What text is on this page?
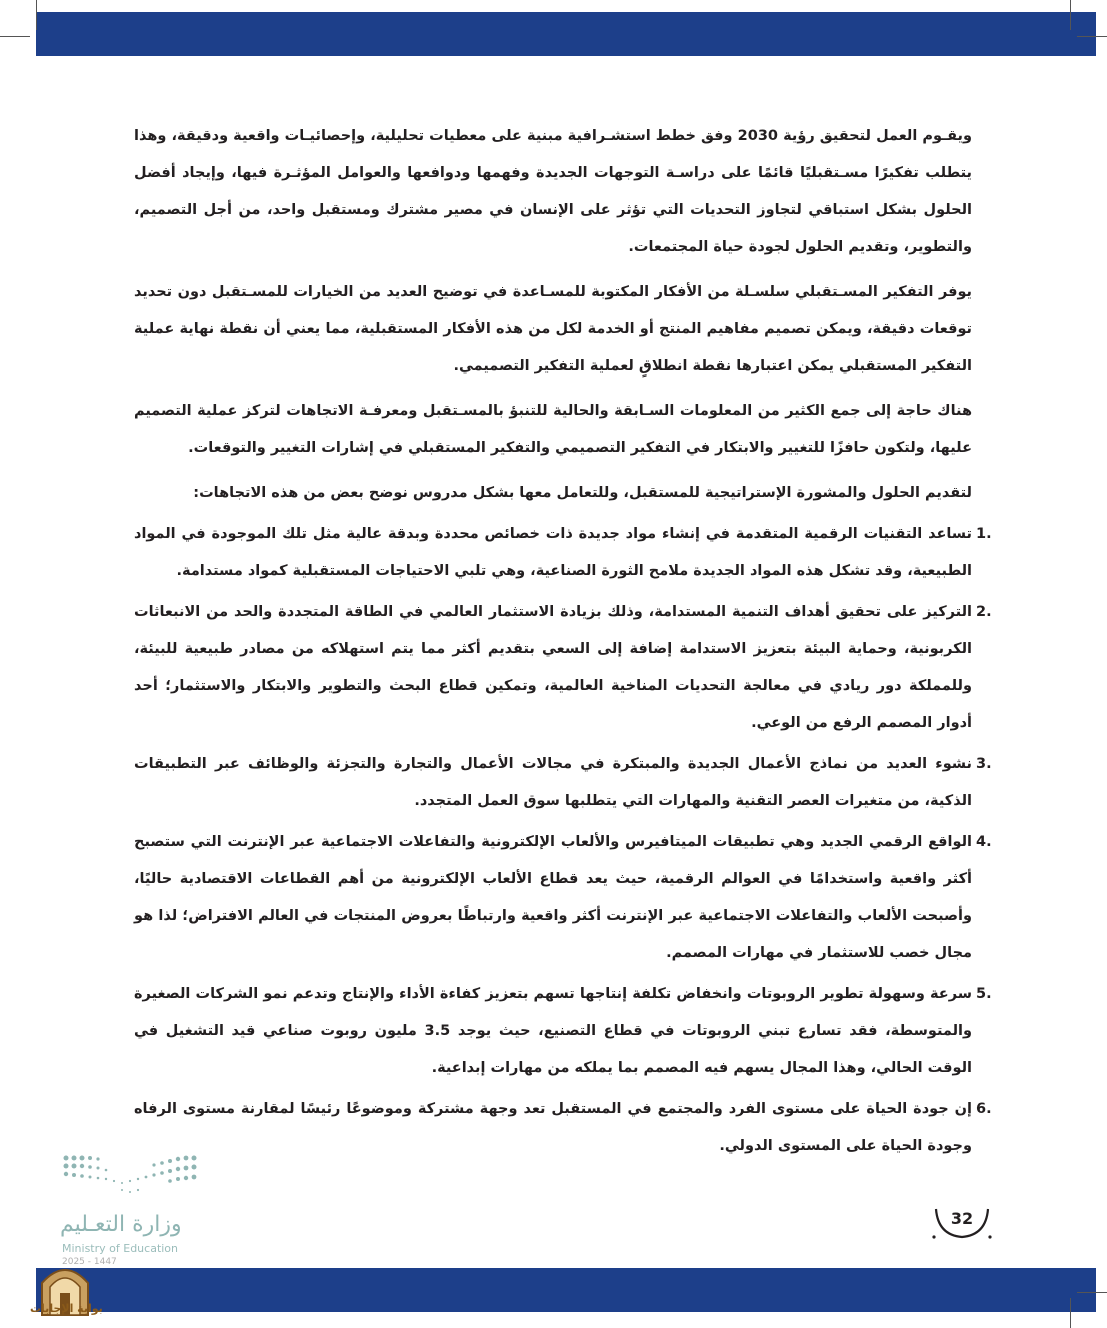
ويقـوم العمل لتحقيق رؤية 2030 وفق خطط استشـرافية مبنية على معطيات تحليلية، وإحصائيـات واقعية ودقيقة، وهذا يتطلب تفكيرًا مسـتقبليًا قائمًا على دراسـة التوجهات الجديدة وفهمها ودوافعها والعوامل المؤثـرة فيها، وإيجاد أفضل الحلول بشكل استباقي لتجاوز التحديات التي تؤثر على الإنسان في مصير مشترك ومستقبل واحد، من أجل التصميم، والتطوير، وتقديم الحلول لجودة حياة المجتمعات.

يوفر التفكير المسـتقبلي سلسـلة من الأفكار المكتوبة للمسـاعدة في توضيح العديد من الخيارات للمسـتقبل دون تحديد توقعات دقيقة، ويمكن تصميم مفاهيم المنتج أو الخدمة لكل من هذه الأفكار المستقبلية، مما يعني أن نقطة نهاية عملية التفكير المستقبلي يمكن اعتبارها نقطة انطلاقٍ لعملية التفكير التصميمي.

هناك حاجة إلى جمع الكثير من المعلومات السـابقة والحالية للتنبؤ بالمسـتقبل ومعرفـة الاتجاهات لتركز عملية التصميم عليها، ولتكون حافزًا للتغيير والابتكار في التفكير التصميمي والتفكير المستقبلي في إشارات التغيير والتوقعات.

لتقديم الحلول والمشورة الإستراتيجية للمستقبل، وللتعامل معها بشكل مدروس نوضح بعض من هذه الاتجاهات:

1.
تساعد التقنيات الرقمية المتقدمة في إنشاء مواد جديدة ذات خصائص محددة وبدقة عالية مثل تلك الموجودة في المواد الطبيعية، وقد تشكل هذه المواد الجديدة ملامح الثورة الصناعية، وهي تلبي الاحتياجات المستقبلية كمواد مستدامة.
2.
التركيز على تحقيق أهداف التنمية المستدامة، وذلك بزيادة الاستثمار العالمي في الطاقة المتجددة والحد من الانبعاثات الكربونية، وحماية البيئة بتعزيز الاستدامة إضافة إلى السعي بتقديم أكثر مما يتم استهلاكه من مصادر طبيعية للبيئة، وللمملكة دور ريادي في معالجة التحديات المناخية العالمية، وتمكين قطاع البحث والتطوير والابتكار والاستثمار؛ أحد أدوار المصمم الرفع من الوعي.
3.
نشوء العديد من نماذج الأعمال الجديدة والمبتكرة في مجالات الأعمال والتجارة والتجزئة والوظائف عبر التطبيقات الذكية، من متغيرات العصر التقنية والمهارات التي يتطلبها سوق العمل المتجدد.
4.
الواقع الرقمي الجديد وهي تطبيقات الميتافيرس والألعاب الإلكترونية والتفاعلات الاجتماعية عبر الإنترنت التي ستصبح أكثر واقعية واستخدامًا في العوالم الرقمية، حيث يعد قطاع الألعاب الإلكترونية من أهم القطاعات الاقتصادية حاليًا، وأصبحت الألعاب والتفاعلات الاجتماعية عبر الإنترنت أكثر واقعية وارتباطًا بعروض المنتجات في العالم الافتراض؛ لذا هو مجال خصب للاستثمار في مهارات المصمم.
5.
سرعة وسهولة تطوير الروبوتات وانخفاض تكلفة إنتاجها تسهم بتعزيز كفاءة الأداء والإنتاج وتدعم نمو الشركات الصغيرة والمتوسطة، فقد تسارع تبني الروبوتات في قطاع التصنيع، حيث يوجد 3.5 مليون روبوت صناعي قيد التشغيل في الوقت الحالي، وهذا المجال يسهم فيه المصمم بما يملكه من مهارات إبداعية.
6.
إن جودة الحياة على مستوى الفرد والمجتمع في المستقبل تعد وجهة مشتركة وموضوعًا رئيسًا لمقارنة مستوى الرفاه وجودة الحياة على المستوى الدولي.
وزارة التعـليم
Ministry of Education
2025 - 1447
بوابة الإجابات
32
